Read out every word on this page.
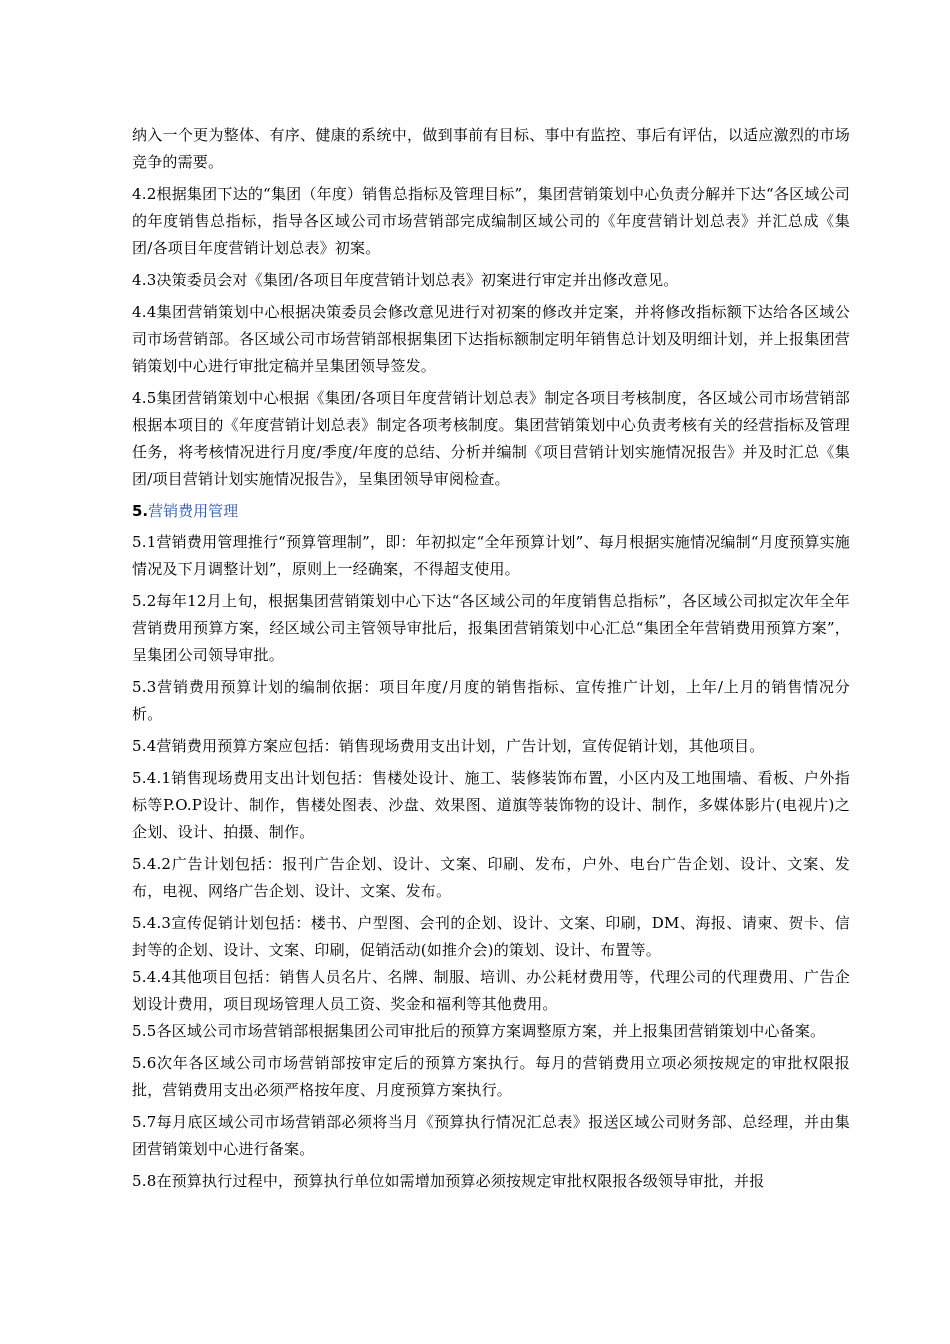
纳入一个更为整体、有序、健康的系统中，做到事前有目标、事中有监控、事后有评估，以适应激烈的市场竞争的需要。

4.2根据集团下达的“集团（年度）销售总指标及管理目标”，集团营销策划中心负责分解并下达“各区域公司的年度销售总指标，指导各区域公司市场营销部完成编制区域公司的《年度营销计划总表》并汇总成《集团/各项目年度营销计划总表》初案。

4.3决策委员会对《集团/各项目年度营销计划总表》初案进行审定并出修改意见。

4.4集团营销策划中心根据决策委员会修改意见进行对初案的修改并定案，并将修改指标额下达给各区域公司市场营销部。各区域公司市场营销部根据集团下达指标额制定明年销售总计划及明细计划，并上报集团营销策划中心进行审批定稿并呈集团领导签发。

4.5集团营销策划中心根据《集团/各项目年度营销计划总表》制定各项目考核制度，各区域公司市场营销部根据本项目的《年度营销计划总表》制定各项考核制度。集团营销策划中心负责考核有关的经营指标及管理任务，将考核情况进行月度/季度/年度的总结、分析并编制《项目营销计划实施情况报告》并及时汇总《集团/项目营销计划实施情况报告》，呈集团领导审阅检查。

5.营销费用管理

5.1营销费用管理推行“预算管理制”，即：年初拟定“全年预算计划”、每月根据实施情况编制“月度预算实施情况及下月调整计划”，原则上一经确案，不得超支使用。

5.2每年12月上旬，根据集团营销策划中心下达“各区域公司的年度销售总指标”，各区域公司拟定次年全年营销费用预算方案，经区域公司主管领导审批后，报集团营销策划中心汇总“集团全年营销费用预算方案”，呈集团公司领导审批。

5.3营销费用预算计划的编制依据：项目年度/月度的销售指标、宣传推广计划，上年/上月的销售情况分析。

5.4营销费用预算方案应包括：销售现场费用支出计划，广告计划，宣传促销计划，其他项目。

5.4.1销售现场费用支出计划包括：售楼处设计、施工、装修装饰布置，小区内及工地围墙、看板、户外指标等P.O.P设计、制作，售楼处图表、沙盘、效果图、道旗等装饰物的设计、制作，多媒体影片(电视片)之企划、设计、拍摄、制作。

5.4.2广告计划包括：报刊广告企划、设计、文案、印刷、发布，户外、电台广告企划、设计、文案、发布，电视、网络广告企划、设计、文案、发布。

5.4.3宣传促销计划包括：楼书、户型图、会刊的企划、设计、文案、印刷，DM、海报、请柬、贺卡、信封等的企划、设计、文案、印刷，促销活动(如推介会)的策划、设计、布置等。

5.4.4其他项目包括：销售人员名片、名牌、制服、培训、办公耗材费用等，代理公司的代理费用、广告企划设计费用，项目现场管理人员工资、奖金和福利等其他费用。

5.5各区域公司市场营销部根据集团公司审批后的预算方案调整原方案，并上报集团营销策划中心备案。

5.6次年各区域公司市场营销部按审定后的预算方案执行。每月的营销费用立项必须按规定的审批权限报批，营销费用支出必须严格按年度、月度预算方案执行。

5.7每月底区域公司市场营销部必须将当月《预算执行情况汇总表》报送区域公司财务部、总经理，并由集团营销策划中心进行备案。

5.8在预算执行过程中，预算执行单位如需增加预算必须按规定审批权限报各级领导审批，并报
